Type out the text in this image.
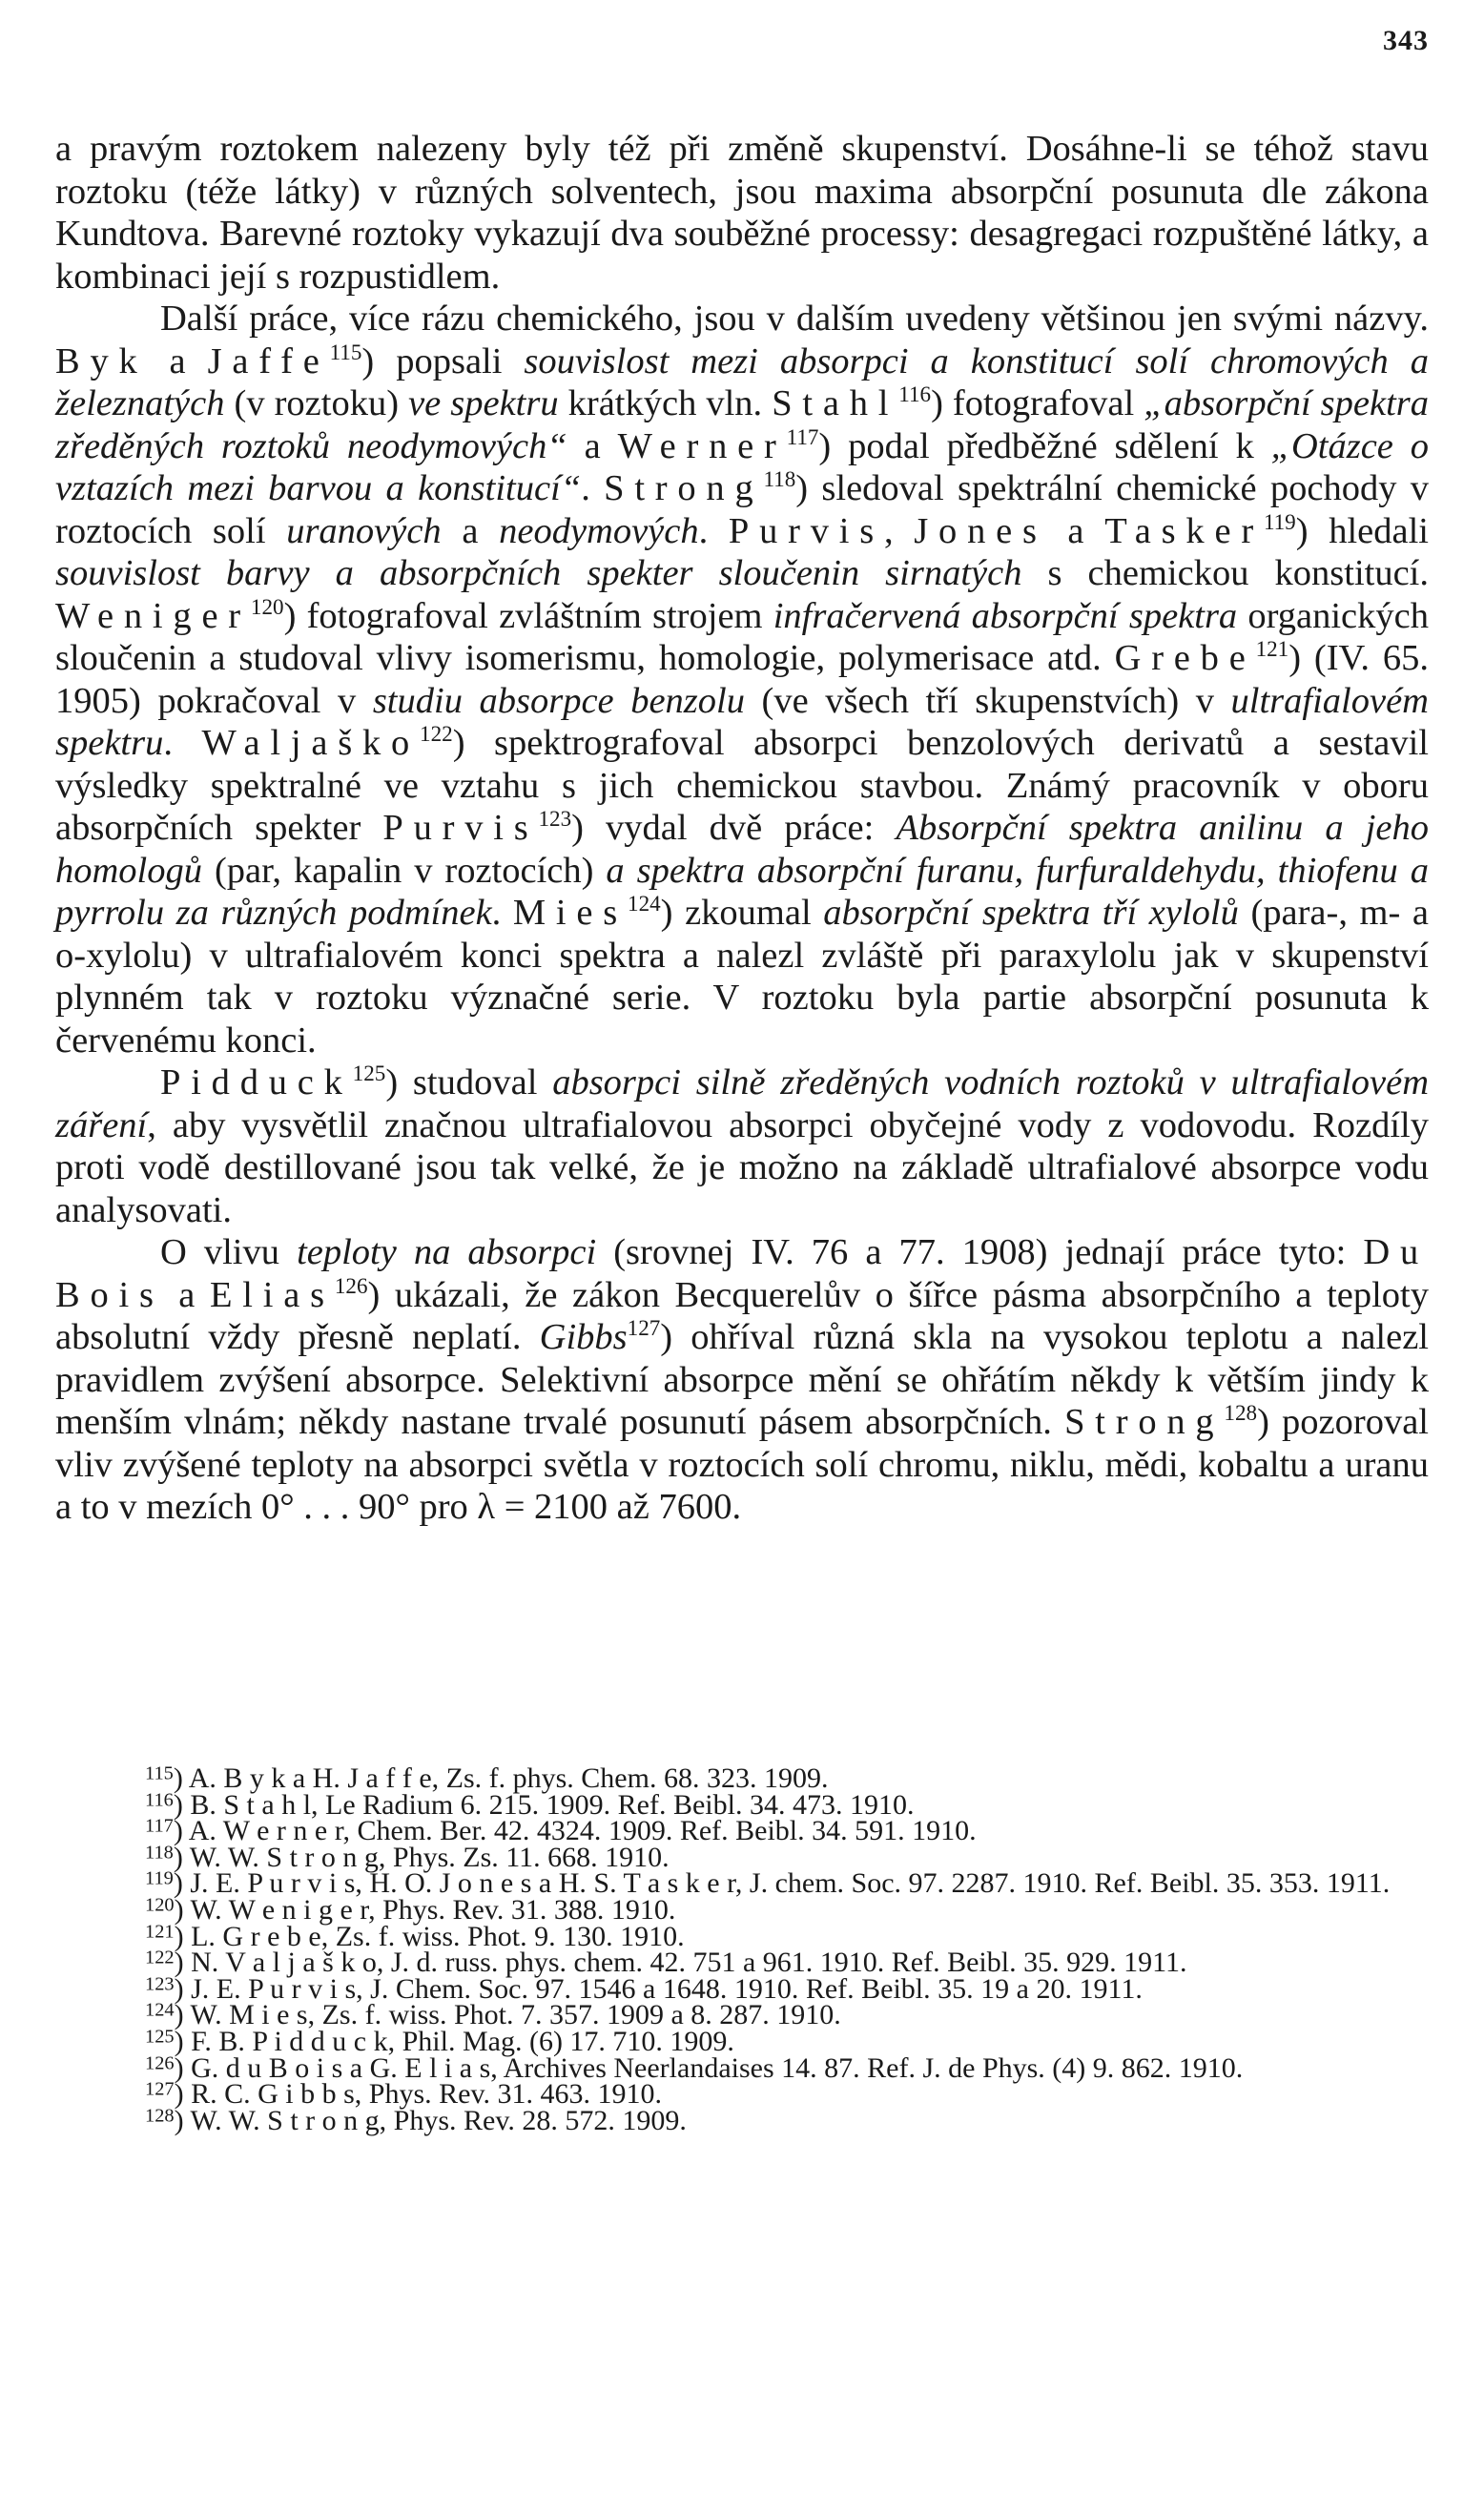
343

a pravým roztokem nalezeny byly též při změně skupenství. Dosáhne-li se téhož stavu roztoku (téže látky) v různých solventech, jsou maxima absorpční posunuta dle zákona Kundtova. Barevné roztoky vykazují dva souběžné processy: desagregaci rozpuštěné látky, a kombinaci její s rozpustidlem.

Další práce, více rázu chemického, jsou v dalším uvedeny většinou jen svými názvy. Byk a Jaffe$^{115}$) popsali souvislost mezi absorpci a konstitucí solí chromových a železnatých (v roztoku) ve spektru krátkých vln. Stahl$^{116}$) fotografoval „absorpční spektra zředěných roztoků neodymových“ a Werner$^{117}$) podal předběžné sdělení k „Otázce o vztazích mezi barvou a konstitucí“. Strong$^{118}$) sledoval spektrální chemické pochody v roztocích solí uranových a neodymových. Purvis, Jones a Tasker$^{119}$) hledali souvislost barvy a absorpčních spekter sloučenin sirnatých s chemickou konstitucí. Weniger$^{120}$) fotografoval zvláštním strojem infračervená absorpční spektra organických sloučenin a studoval vlivy isomerismu, homologie, polymerisace atd. Grebe$^{121}$) (IV. 65. 1905) pokračoval v studiu absorpce benzolu (ve všech tří skupenstvích) v ultrafialovém spektru. Waljaško$^{122}$) spektrografoval absorpci benzolových derivatů a sestavil výsledky spektralné ve vztahu s jich chemickou stavbou. Známý pracovník v oboru absorpčních spekter Purvis$^{123}$) vydal dvě práce: Absorpční spektra anilinu a jeho homologů (par, kapalin v roztocích) a spektra absorpční furanu, furfuraldehydu, thiofenu a pyrrolu za různých podmínek. Mies$^{124}$) zkoumal absorpční spektra tří xylolů (para-, m- a o-xylolu) v ultrafialovém konci spektra a nalezl zvláště při paraxylolu jak v skupenství plynném tak v roztoku význačné serie. V roztoku byla partie absorpční posunuta k červenému konci.

Pidduck$^{125}$) studoval absorpci silně zředěných vodních roztoků v ultrafialovém záření, aby vysvětlil značnou ultrafialovou absorpci obyčejné vody z vodovodu. Rozdíly proti vodě destillované jsou tak velké, že je možno na základě ultrafialové absorpce vodu analysovati.

O vlivu teploty na absorpci (srovnej IV. 76 a 77. 1908) jednají práce tyto: Du Bois a Elias$^{126}$) ukázali, že zákon Becquerelův o šířce pásma absorpčního a teploty absolutní vždy přesně neplatí. Gibbs$^{127}$) ohříval různá skla na vysokou teplotu a nalezl pravidlem zvýšení absorpce. Selektivní absorpce mění se ohřátím někdy k větším jindy k menším vlnám; někdy nastane trvalé posunutí pásem absorpčních. Strong$^{128}$) pozoroval vliv zvýšené teploty na absorpci světla v roztocích solí chromu, niklu, mědi, kobaltu a uranu a to v mezích 0° . . . 90° pro λ = 2100 až 7600.

$^{115}$) A. B y k a H. J a f f e, Zs. f. phys. Chem. 68. 323. 1909.

$^{116}$) B. S t a h l, Le Radium 6. 215. 1909. Ref. Beibl. 34. 473. 1910.

$^{117}$) A. W e r n e r, Chem. Ber. 42. 4324. 1909. Ref. Beibl. 34. 591. 1910.

$^{118}$) W. W. S t r o n g, Phys. Zs. 11. 668. 1910.

$^{119}$) J. E. P u r v i s, H. O. J o n e s a H. S. T a s k e r, J. chem. Soc. 97. 2287. 1910. Ref. Beibl. 35. 353. 1911.

$^{120}$) W. W e n i g e r, Phys. Rev. 31. 388. 1910.

$^{121}$) L. G r e b e, Zs. f. wiss. Phot. 9. 130. 1910.

$^{122}$) N. V a l j a š k o, J. d. russ. phys. chem. 42. 751 a 961. 1910. Ref. Beibl. 35. 929. 1911.

$^{123}$) J. E. P u r v i s, J. Chem. Soc. 97. 1546 a 1648. 1910. Ref. Beibl. 35. 19 a 20. 1911.

$^{124}$) W. M i e s, Zs. f. wiss. Phot. 7. 357. 1909 a 8. 287. 1910.

$^{125}$) F. B. P i d d u c k, Phil. Mag. (6) 17. 710. 1909.

$^{126}$) G. d u B o i s a G. E l i a s, Archives Neerlandaises 14. 87. Ref. J. de Phys. (4) 9. 862. 1910.

$^{127}$) R. C. G i b b s, Phys. Rev. 31. 463. 1910.

$^{128}$) W. W. S t r o n g, Phys. Rev. 28. 572. 1909.
